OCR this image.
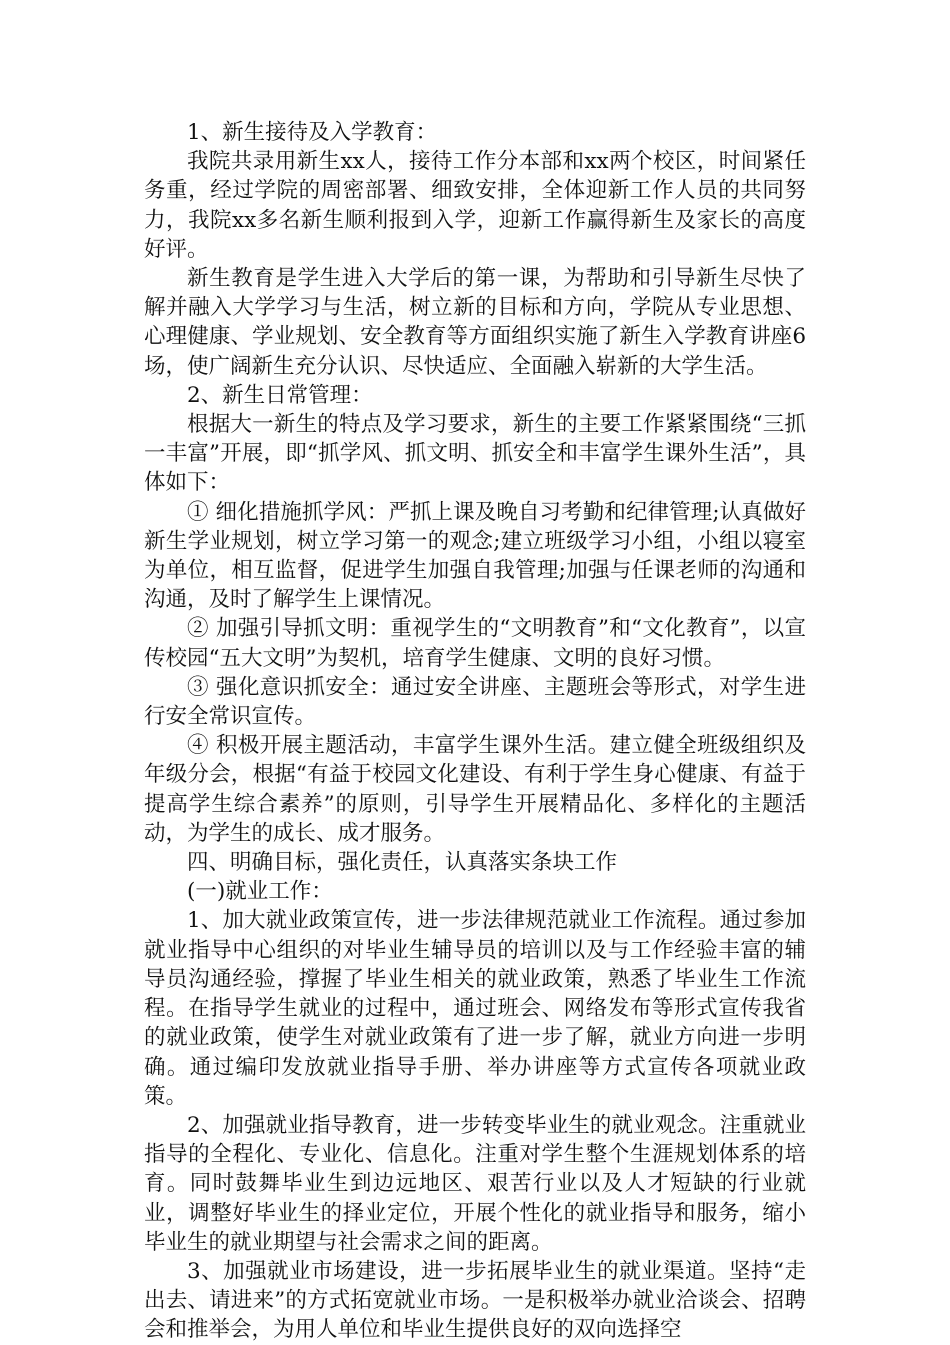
1、新生接待及入学教育：

我院共录用新生xx人，接待工作分本部和xx两个校区，时间紧任务重，经过学院的周密部署、细致安排，全体迎新工作人员的共同努力，我院xx多名新生顺利报到入学，迎新工作赢得新生及家长的高度好评。

新生教育是学生进入大学后的第一课，为帮助和引导新生尽快了解并融入大学学习与生活，树立新的目标和方向，学院从专业思想、心理健康、学业规划、安全教育等方面组织实施了新生入学教育讲座6场，使广阔新生充分认识、尽快适应、全面融入崭新的大学生活。

2、新生日常管理：

根据大一新生的特点及学习要求，新生的主要工作紧紧围绕“三抓一丰富”开展，即“抓学风、抓文明、抓安全和丰富学生课外生活”，具体如下：

① 细化措施抓学风：严抓上课及晚自习考勤和纪律管理;认真做好新生学业规划，树立学习第一的观念;建立班级学习小组，小组以寝室为单位，相互监督，促进学生加强自我管理;加强与任课老师的沟通和沟通，及时了解学生上课情况。

② 加强引导抓文明：重视学生的“文明教育”和“文化教育”，以宣传校园“五大文明”为契机，培育学生健康、文明的良好习惯。

③ 强化意识抓安全：通过安全讲座、主题班会等形式，对学生进行安全常识宣传。

④ 积极开展主题活动，丰富学生课外生活。建立健全班级组织及年级分会，根据“有益于校园文化建设、有利于学生身心健康、有益于提高学生综合素养”的原则，引导学生开展精品化、多样化的主题活动，为学生的成长、成才服务。

四、明确目标，强化责任，认真落实条块工作

(一)就业工作：

1、加大就业政策宣传，进一步法律规范就业工作流程。通过参加就业指导中心组织的对毕业生辅导员的培训以及与工作经验丰富的辅导员沟通经验，撑握了毕业生相关的就业政策，熟悉了毕业生工作流程。在指导学生就业的过程中，通过班会、网络发布等形式宣传我省的就业政策，使学生对就业政策有了进一步了解，就业方向进一步明确。通过编印发放就业指导手册、举办讲座等方式宣传各项就业政策。

2、加强就业指导教育，进一步转变毕业生的就业观念。注重就业指导的全程化、专业化、信息化。注重对学生整个生涯规划体系的培育。同时鼓舞毕业生到边远地区、艰苦行业以及人才短缺的行业就业，调整好毕业生的择业定位，开展个性化的就业指导和服务，缩小毕业生的就业期望与社会需求之间的距离。

3、加强就业市场建设，进一步拓展毕业生的就业渠道。坚持“走出去、请进来”的方式拓宽就业市场。一是积极举办就业洽谈会、招聘会和推举会，为用人单位和毕业生提供良好的双向选择空
